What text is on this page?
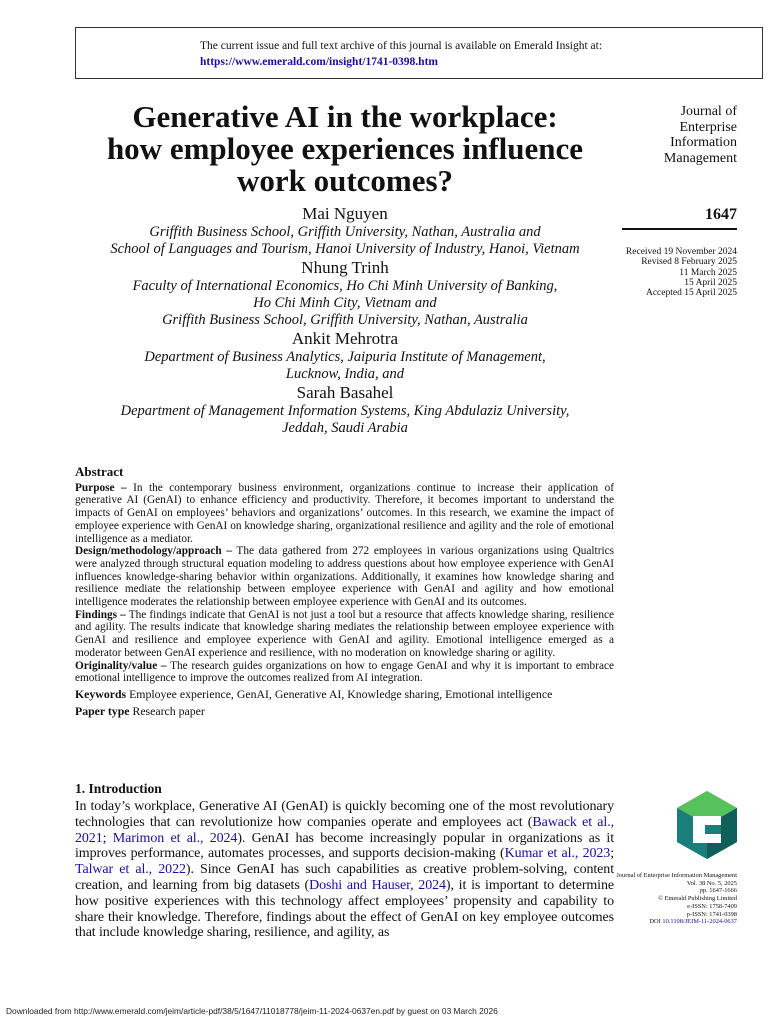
The current issue and full text archive of this journal is available on Emerald Insight at:
https://www.emerald.com/insight/1741-0398.htm
Generative AI in the workplace:
how employee experiences influence
work outcomes?
Journal of
Enterprise
Information
Management
1647
Received 19 November 2024
Revised 8 February 2025
11 March 2025
15 April 2025
Accepted 15 April 2025
Mai Nguyen
Griffith Business School, Griffith University, Nathan, Australia and
School of Languages and Tourism, Hanoi University of Industry, Hanoi, Vietnam
Nhung Trinh
Faculty of International Economics, Ho Chi Minh University of Banking,
Ho Chi Minh City, Vietnam and
Griffith Business School, Griffith University, Nathan, Australia
Ankit Mehrotra
Department of Business Analytics, Jaipuria Institute of Management,
Lucknow, India, and
Sarah Basahel
Department of Management Information Systems, King Abdulaziz University,
Jeddah, Saudi Arabia
Abstract

Purpose – In the contemporary business environment, organizations continue to increase their application of generative AI (GenAI) to enhance efficiency and productivity. Therefore, it becomes important to understand the impacts of GenAI on employees’ behaviors and organizations’ outcomes. In this research, we examine the impact of employee experience with GenAI on knowledge sharing, organizational resilience and agility and the role of emotional intelligence as a mediator.

Design/methodology/approach – The data gathered from 272 employees in various organizations using Qualtrics were analyzed through structural equation modeling to address questions about how employee experience with GenAI influences knowledge-sharing behavior within organizations. Additionally, it examines how knowledge sharing and resilience mediate the relationship between employee experience with GenAI and agility and how emotional intelligence moderates the relationship between employee experience with GenAI and its outcomes.

Findings – The findings indicate that GenAI is not just a tool but a resource that affects knowledge sharing, resilience and agility. The results indicate that knowledge sharing mediates the relationship between employee experience with GenAI and resilience and employee experience with GenAI and agility. Emotional intelligence emerged as a moderator between GenAI experience and resilience, with no moderation on knowledge sharing or agility.

Originality/value – The research guides organizations on how to engage GenAI and why it is important to embrace emotional intelligence to improve the outcomes realized from AI integration.

Keywords Employee experience, GenAI, Generative AI, Knowledge sharing, Emotional intelligence

Paper type Research paper

1. Introduction

In today’s workplace, Generative AI (GenAI) is quickly becoming one of the most revolutionary technologies that can revolutionize how companies operate and employees act (Bawack et al., 2021; Marimon et al., 2024). GenAI has become increasingly popular in organizations as it improves performance, automates processes, and supports decision-making (Kumar et al., 2023; Talwar et al., 2022). Since GenAI has such capabilities as creative problem-solving, content creation, and learning from big datasets (Doshi and Hauser, 2024), it is important to determine how positive experiences with this technology affect employees’ propensity and capability to share their knowledge. Therefore, findings about the effect of GenAI on key employee outcomes that include knowledge sharing, resilience, and agility, as

Journal of Enterprise Information Management
Vol. 38 No. 5, 2025
pp. 1647-1666
© Emerald Publishing Limited
e-ISSN: 1758-7409
p-ISSN: 1741-0398
DOI 10.1108/JEIM-11-2024-0637
Downloaded from http://www.emerald.com/jeim/article-pdf/38/5/1647/11018778/jeim-11-2024-0637en.pdf by guest on 03 March 2026
